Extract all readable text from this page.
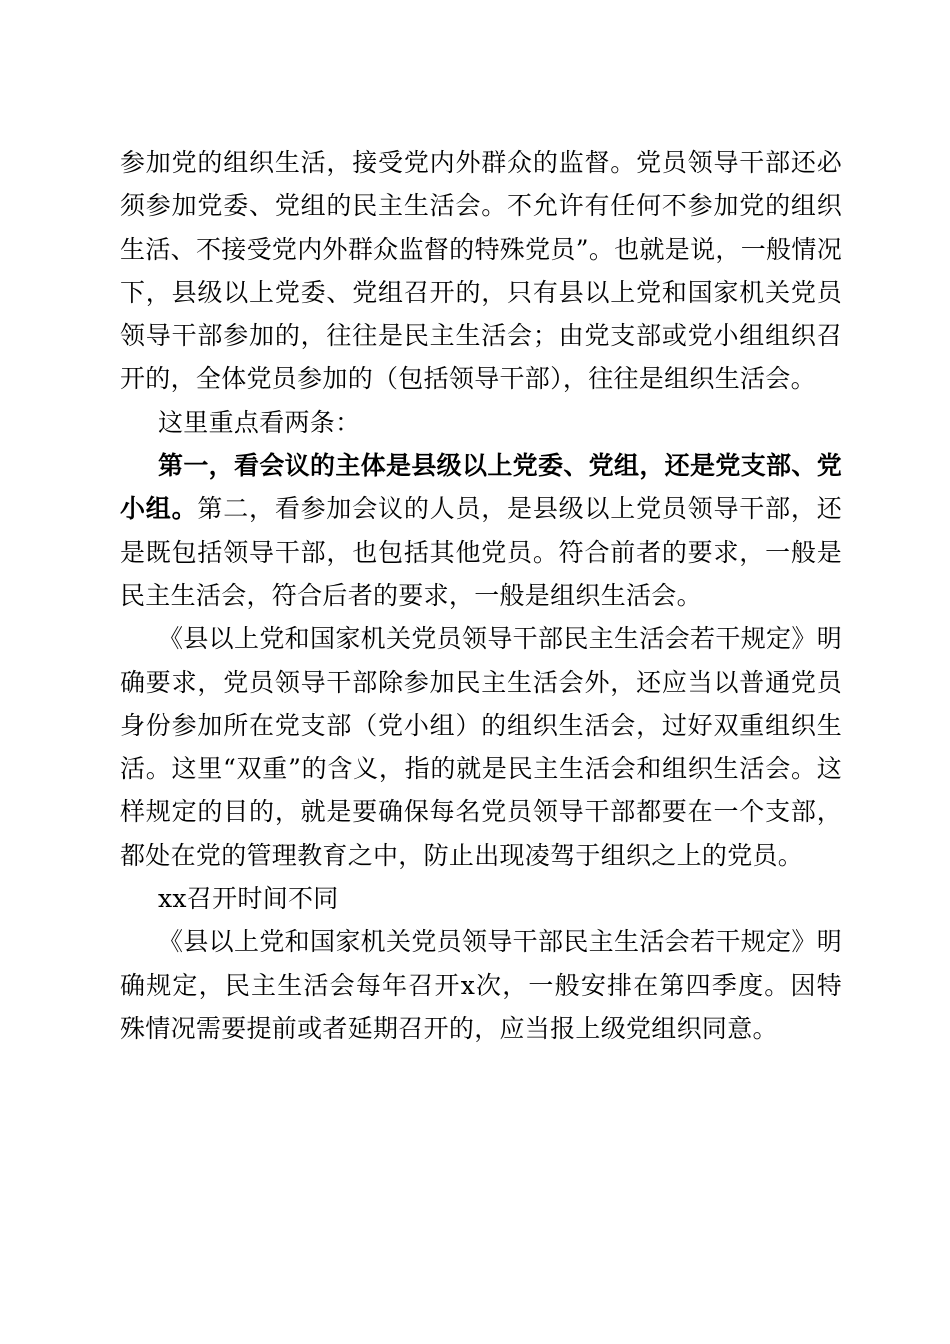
参加党的组织生活，接受党内外群众的监督。党员领导干部还必须参加党委、党组的民主生活会。不允许有任何不参加党的组织生活、不接受党内外群众监督的特殊党员”。也就是说，一般情况下，县级以上党委、党组召开的，只有县以上党和国家机关党员领导干部参加的，往往是民主生活会；由党支部或党小组组织召开的，全体党员参加的（包括领导干部），往往是组织生活会。

这里重点看两条：

第一，看会议的主体是县级以上党委、党组，还是党支部、党小组。第二，看参加会议的人员，是县级以上党员领导干部，还是既包括领导干部，也包括其他党员。符合前者的要求，一般是民主生活会，符合后者的要求，一般是组织生活会。

《县以上党和国家机关党员领导干部民主生活会若干规定》明确要求，党员领导干部除参加民主生活会外，还应当以普通党员身份参加所在党支部（党小组）的组织生活会，过好双重组织生活。这里“双重”的含义，指的就是民主生活会和组织生活会。这样规定的目的，就是要确保每名党员领导干部都要在一个支部，都处在党的管理教育之中，防止出现凌驾于组织之上的党员。

xx召开时间不同

《县以上党和国家机关党员领导干部民主生活会若干规定》明确规定，民主生活会每年召开x次，一般安排在第四季度。因特殊情况需要提前或者延期召开的，应当报上级党组织同意。
